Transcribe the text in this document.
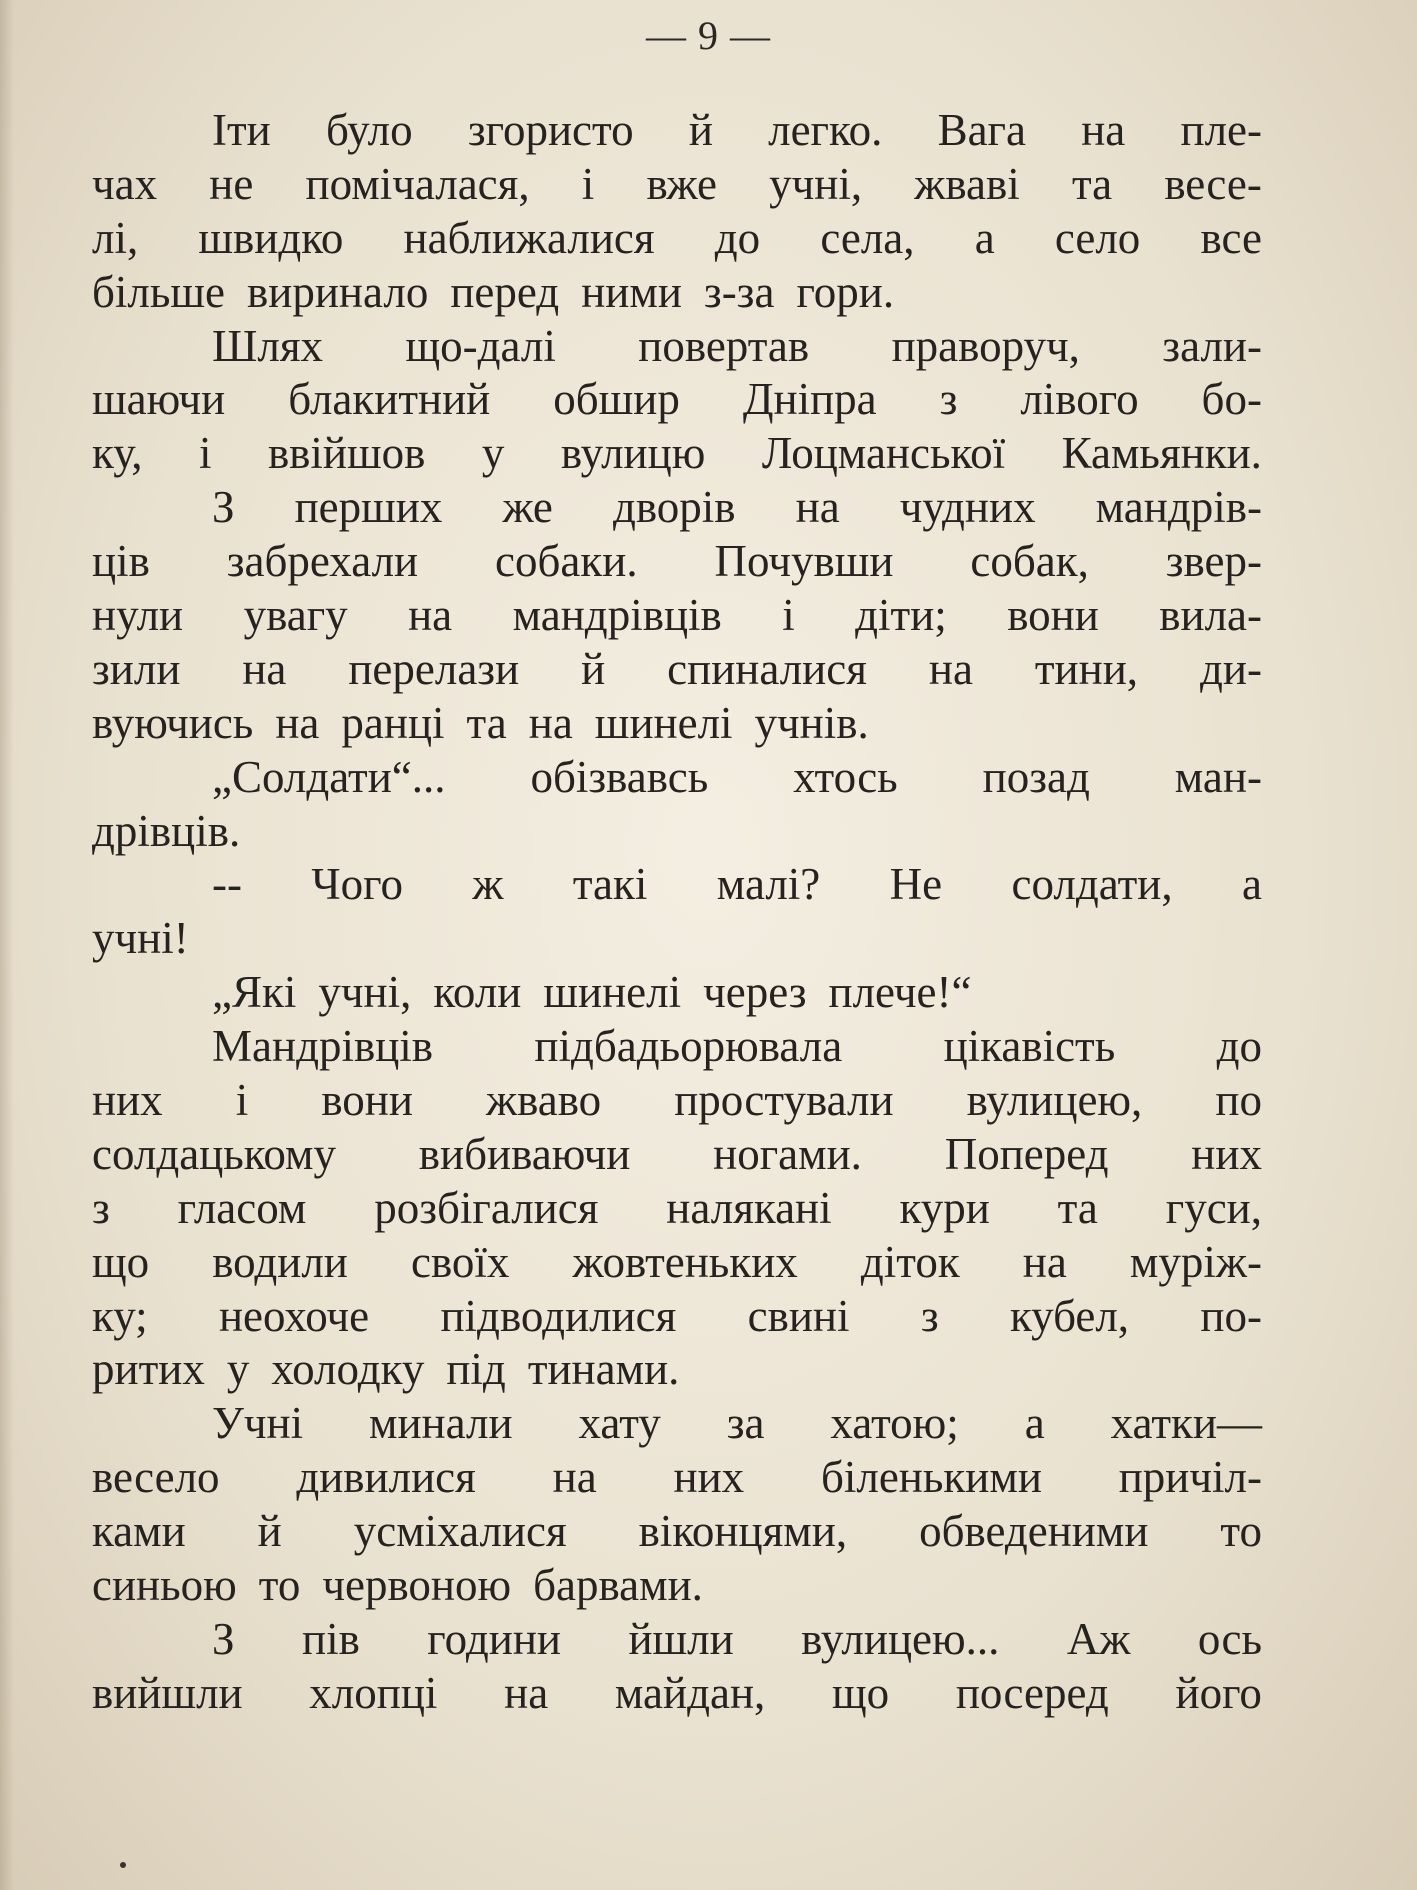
— 9 —
Іти було згористо й легко. Вага на пле-
чах не помічалася, і вже учні, жваві та весе-
лі, швидко наближалися до села, а село все
більше виринало перед ними з-за гори.
Шлях що-далі повертав праворуч, зали-
шаючи блакитний обшир Дніпра з лівого бо-
ку, і ввійшов у вулицю Лоцманської Камьянки.
З перших же дворів на чудних мандрів-
ців забрехали собаки. Почувши собак, звер-
нули увагу на мандрівців і діти; вони вила-
зили на перелази й спиналися на тини, ди-
вуючись на ранці та на шинелі учнів.
„Солдати“... обізвавсь хтось позад ман-
дрівців.
-- Чого ж такі малі? Не солдати, а
учні!
„Які учні, коли шинелі через плече!“
Мандрівців підбадьорювала цікавість до
них і вони жваво простували вулицею, по
солдацькому вибиваючи ногами. Поперед них
з гласом розбігалися налякані кури та гуси,
що водили своїх жовтеньких діток на муріж-
ку; неохоче підводилися свині з кубел, по-
ритих у холодку під тинами.
Учні минали хату за хатою; а хатки—
весело дивилися на них біленькими причіл-
ками й усміхалися віконцями, обведеними то
синьою то червоною барвами.
З пів години йшли вулицею... Аж ось
вийшли хлопці на майдан, що посеред його
